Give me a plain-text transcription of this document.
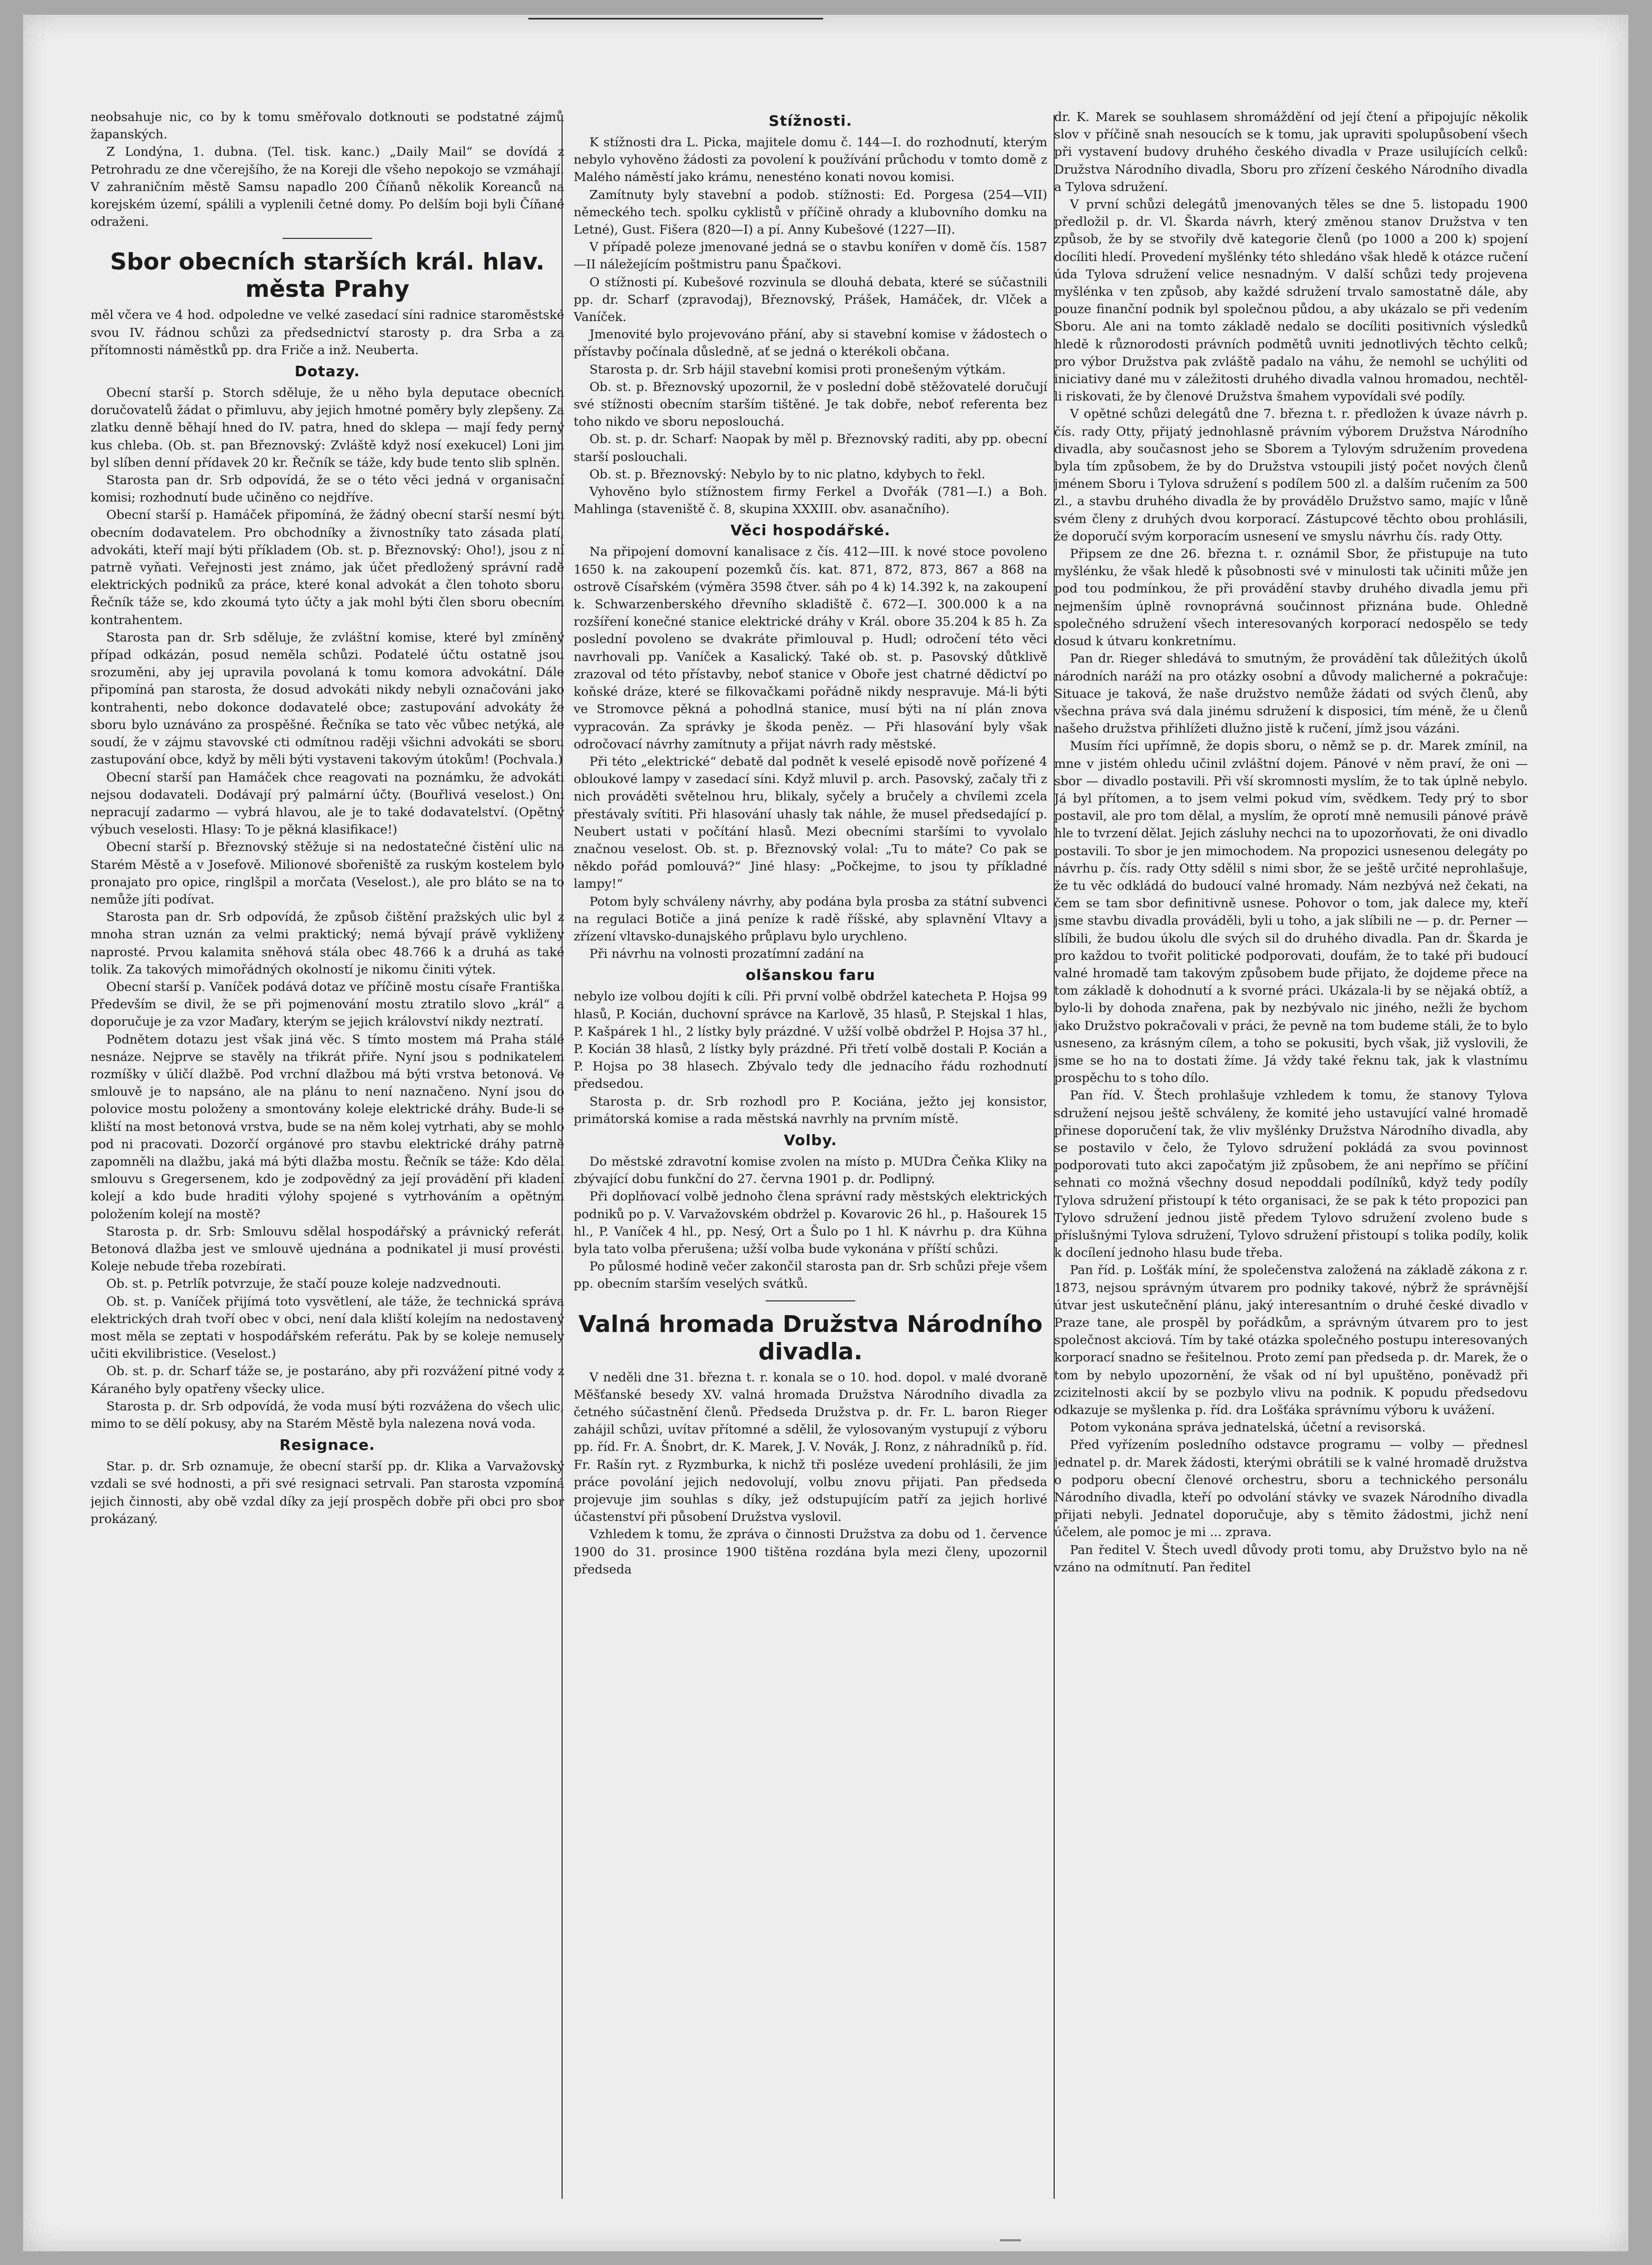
neobsahuje nic, co by k tomu směřovalo dotknouti se podstatné zájmů žapanských.

Z Londýna, 1. dubna. (Tel. tisk. kanc.) „Daily Mail“ se dovídá z Petrohradu ze dne včerejšího, že na Koreji dle všeho nepokojo se vzmáhají. V zahraničním městě Samsu napadlo 200 Číňanů několik Koreanců na korejském území, spálili a vyplenili četné domy. Po delším boji byli Číňané odraženi.

Sbor obecních starších král. hlav. města Prahy

měl včera ve 4 hod. odpoledne ve velké zasedací síni radnice staroměstské svou IV. řádnou schůzi za předsednictví starosty p. dra Srba a za přítomnosti náměstků pp. dra Friče a inž. Neuberta.

Dotazy.

Obecní starší p. Storch sděluje, že u něho byla deputace obecních doručovatelů žádat o přimluvu, aby jejich hmotné poměry byly zlepšeny. Za zlatku denně běhají hned do IV. patra, hned do sklepa — mají fedy perný kus chleba. (Ob. st. pan Březnovský: Zvláště když nosí exekucel) Loni jim byl slíben denní přídavek 20 kr. Řečník se táže, kdy bude tento slib splněn.

Starosta pan dr. Srb odpovídá, že se o této věci jedná v organisační komisi; rozhodnutí bude učiněno co nejdříve.

Obecní starší p. Hamáček připomíná, že žádný obecní starší nesmí býti obecním dodavatelem. Pro obchodníky a živnostníky tato zásada platí, advokáti, kteří mají býti příkladem (Ob. st. p. Březnovský: Oho!), jsou z ní patrně vyňati. Veřejnosti jest známo, jak účet předložený správní radě elektrických podniků za práce, které konal advokát a člen tohoto sboru. Řečník táže se, kdo zkoumá tyto účty a jak mohl býti člen sboru obecním kontrahentem.

Starosta pan dr. Srb sděluje, že zvláštní komise, které byl zmíněný případ odkázán, posud neměla schůzi. Podatelé účtu ostatně jsou srozuměni, aby jej upravila povolaná k tomu komora advokátní. Dále připomíná pan starosta, že dosud advokáti nikdy nebyli označováni jako kontrahenti, nebo dokonce dodavatelé obce; zastupování advokáty že sboru bylo uznáváno za prospěšné. Řečníka se tato věc vůbec netýká, ale soudí, že v zájmu stavovské cti odmítnou raději všichni advokáti se sboru zastupování obce, když by měli býti vystaveni takovým útokům! (Pochvala.)

Obecní starší pan Hamáček chce reagovati na poznámku, že advokáti nejsou dodavateli. Dodávají prý palmární účty. (Bouřlivá veselost.) Oni nepracují zadarmo — vybrá hlavou, ale je to také dodavatelství. (Opětný výbuch veselosti. Hlasy: To je pěkná klasifikace!)

Obecní starší p. Březnovský stěžuje si na nedostatečné čistění ulic na Starém Městě a v Josefově. Milionové sbořeniště za ruským kostelem bylo pronajato pro opice, ringlšpil a morčata (Veselost.), ale pro bláto se na to nemůže jíti podívat.

Starosta pan dr. Srb odpovídá, že způsob čištění pražských ulic byl z mnoha stran uznán za velmi praktický; nemá bývají právě vykliženy naprosté. Prvou kalamita sněhová stála obec 48.766 k a druhá as také tolik. Za takových mimořádných okolností je nikomu činiti výtek.

Obecní starší p. Vaníček podává dotaz ve příčině mostu císaře Františka. Především se divil, že se při pojmenování mostu ztratilo slovo „král“ a doporučuje je za vzor Maďary, kterým se jejich království nikdy neztratí.

Podnětem dotazu jest však jiná věc. S tímto mostem má Praha stálé nesnáze. Nejprve se stavěly na třikrát přiře. Nyní jsou s podnikatelem rozmíšky v úličí dlažbě. Pod vrchní dlažbou má býti vrstva betonová. Ve smlouvě je to napsáno, ale na plánu to není naznačeno. Nyní jsou do polovice mostu položeny a smontovány koleje elektrické dráhy. Bude-li se kliští na most betonová vrstva, bude se na něm kolej vytrhati, aby se mohlo pod ni pracovati. Dozorčí orgánové pro stavbu elektrické dráhy patrně zapomněli na dlažbu, jaká má býti dlažba mostu. Řečník se táže: Kdo dělal smlouvu s Gregersenem, kdo je zodpovědný za její provádění při kladení kolejí a kdo bude hraditi výlohy spojené s vytrhováním a opětným položením kolejí na mostě?

Starosta p. dr. Srb: Smlouvu sdělal hospodářský a právnický referát. Betonová dlažba jest ve smlouvě ujednána a podnikatel ji musí provésti. Koleje nebude třeba rozebírati.

Ob. st. p. Petrlík potvrzuje, že stačí pouze koleje nadzvednouti.

Ob. st. p. Vaníček přijímá toto vysvětlení, ale táže, že technická správa elektrických drah tvoří obec v obci, není dala kliští kolejím na nedostavený most měla se zeptati v hospodářském referátu. Pak by se koleje nemusely učiti ekvilibristice. (Veselost.)

Ob. st. p. dr. Scharf táže se, je postaráno, aby při rozvážení pitné vody z Káraného byly opatřeny všecky ulice.

Starosta p. dr. Srb odpovídá, že voda musí býti rozvážena do všech ulic, mimo to se dělí pokusy, aby na Starém Městě byla nalezena nová voda.

Resignace.

Star. p. dr. Srb oznamuje, že obecní starší pp. dr. Klika a Varvažovský vzdali se své hodnosti, a při své resignaci setrvali. Pan starosta vzpomíná jejich činnosti, aby obě vzdal díky za její prospěch dobře při obci pro sbor prokázaný.

Stížnosti.

K stížnosti dra L. Picka, majitele domu č. 144—I. do rozhodnutí, kterým nebylo vyhověno žádosti za povolení k používání průchodu v tomto domě z Malého náměstí jako krámu, nenesténo konati novou komisi.

Zamítnuty byly stavební a podob. stížnosti: Ed. Porgesa (254—VII) německého tech. spolku cyklistů v příčině ohrady a klubovního domku na Letné), Gust. Fišera (820—I) a pí. Anny Kubešové (1227—II).

V případě poleze jmenované jedná se o stavbu konířen v domě čís. 1587—II náležejícím poštmistru panu Špačkovi.

O stížnosti pí. Kubešové rozvinula se dlouhá debata, které se súčastnili pp. dr. Scharf (zpravodaj), Březnovský, Prášek, Hamáček, dr. Vlček a Vaníček.

Jmenovité bylo projevováno přání, aby si stavební komise v žádostech o přístavby počínala důsledně, ať se jedná o kterékoli občana.

Starosta p. dr. Srb hájil stavební komisi proti pronešeným výtkám.

Ob. st. p. Březnovský upozornil, že v poslední době stěžovatelé doručují své stížnosti obecním starším tištěné. Je tak dobře, neboť referenta bez toho nikdo ve sboru neposlouchá.

Ob. st. p. dr. Scharf: Naopak by měl p. Březnovský raditi, aby pp. obecní starší poslouchali.

Ob. st. p. Březnovský: Nebylo by to nic platno, kdybych to řekl.

Vyhověno bylo stížnostem firmy Ferkel a Dvořák (781—I.) a Boh. Mahlinga (staveniště č. 8, skupina XXXIII. obv. asanačního).

Věci hospodářské.

Na připojení domovní kanalisace z čís. 412—III. k nové stoce povoleno 1650 k. na zakoupení pozemků čís. kat. 871, 872, 873, 867 a 868 na ostrově Císařském (výměra 3598 čtver. sáh po 4 k) 14.392 k, na zakoupení k. Schwarzenberského dřevního skladiště č. 672—I. 300.000 k a na rozšíření konečné stanice elektrické dráhy v Král. obore 35.204 k 85 h. Za poslední povoleno se dvakráte přimlouval p. Hudl; odročení této věci navrhovali pp. Vaníček a Kasalický. Také ob. st. p. Pasovský důtklivě zrazoval od této přístavby, neboť stanice v Oboře jest chatrné dědictví po koňské dráze, které se filkovačkami pořádně nikdy nespravuje. Má-li býti ve Stromovce pěkná a pohodlná stanice, musí býti na ní plán znova vypracován. Za správky je škoda peněz. — Při hlasování byly však odročovací návrhy zamítnuty a přijat návrh rady městské.

Při této „elektrické“ debatě dal podnět k veselé episodě nově pořízené 4 obloukové lampy v zasedací síni. Když mluvil p. arch. Pasovský, začaly tři z nich prováděti světelnou hru, blikaly, syčely a bručely a chvílemi zcela přestávaly svítiti. Při hlasování uhasly tak náhle, že musel předsedající p. Neubert ustati v počítání hlasů. Mezi obecními staršími to vyvolalo značnou veselost. Ob. st. p. Březnovský volal: „Tu to máte? Co pak se někdo pořád pomlouvá?“ Jiné hlasy: „Počkejme, to jsou ty příkladné lampy!“

Potom byly schváleny návrhy, aby podána byla prosba za státní subvenci na regulaci Botiče a jiná peníze k radě říšské, aby splavnění Vltavy a zřízení vltavsko-dunajského průplavu bylo urychleno.

Při návrhu na volnosti prozatímní zadání na

olšanskou faru

nebylo ize volbou dojíti k cíli. Při první volbě obdržel katecheta P. Hojsa 99 hlasů, P. Kocián, duchovní správce na Karlově, 35 hlasů, P. Stejskal 1 hlas, P. Kašpárek 1 hl., 2 lístky byly prázdné. V užší volbě obdržel P. Hojsa 37 hl., P. Kocián 38 hlasů, 2 lístky byly prázdné. Při třetí volbě dostali P. Kocián a P. Hojsa po 38 hlasech. Zbývalo tedy dle jednacího řádu rozhodnutí předsedou.

Starosta p. dr. Srb rozhodl pro P. Kociána, ježto jej konsistor, primátorská komise a rada městská navrhly na prvním místě.

Volby.

Do městské zdravotní komise zvolen na místo p. MUDra Čeňka Kliky na zbývající dobu funkční do 27. června 1901 p. dr. Podlipný.

Při doplňovací volbě jednoho člena správní rady městských elektrických podniků po p. V. Varvažovském obdržel p. Kovarovic 26 hl., p. Hašourek 15 hl., P. Vaníček 4 hl., pp. Nesý, Ort a Šulo po 1 hl. K návrhu p. dra Kühna byla tato volba přerušena; užší volba bude vykonána v příští schůzi.

Po půlosmé hodině večer zakončil starosta pan dr. Srb schůzi přeje všem pp. obecním starším veselých svátků.

Valná hromada Družstva Národního divadla.

V neděli dne 31. března t. r. konala se o 10. hod. dopol. v malé dvoraně Měšťanské besedy XV. valná hromada Družstva Národního divadla za četného súčastnění členů. Předseda Družstva p. dr. Fr. L. baron Rieger zahájil schůzi, uvítav přítomné a sdělil, že vylosovaným vystupují z výboru pp. říd. Fr. A. Šnobrt, dr. K. Marek, J. V. Novák, J. Ronz, z náhradníků p. říd. Fr. Rašín ryt. z Ryzmburka, k nichž tři posléze uvedení prohlásili, že jim práce povolání jejich nedovolují, volbu znovu přijati. Pan předseda projevuje jim souhlas s díky, jež odstupujícím patří za jejich horlivé účastenství při působení Družstva vyslovil.

Vzhledem k tomu, že zpráva o činnosti Družstva za dobu od 1. července 1900 do 31. prosince 1900 tištěna rozdána byla mezi členy, upozornil předseda

dr. K. Marek se souhlasem shromáždění od její čtení a připojujíc několik slov v příčině snah nesoucích se k tomu, jak upraviti spolupůsobení všech při vystavení budovy druhého českého divadla v Praze usilujících celků: Družstva Národního divadla, Sboru pro zřízení českého Národního divadla a Tylova sdružení.

V první schůzi delegátů jmenovaných těles se dne 5. listopadu 1900 předložil p. dr. Vl. Škarda návrh, který změnou stanov Družstva v ten způsob, že by se stvořily dvě kategorie členů (po 1000 a 200 k) spojení docíliti hledí. Provedení myšlénky této shledáno však hledě k otázce ručení úda Tylova sdružení velice nesnadným. V další schůzi tedy projevena myšlénka v ten způsob, aby každé sdružení trvalo samostatně dále, aby pouze finanční podnik byl společnou půdou, a aby ukázalo se při vedením Sboru. Ale ani na tomto základě nedalo se docíliti positivních výsledků hledě k různorodosti právních podmětů uvniti jednotlivých těchto celků; pro výbor Družstva pak zvláště padalo na váhu, že nemohl se uchýliti od iniciativy dané mu v záležitosti druhého divadla valnou hromadou, nechtěl-li riskovati, že by členové Družstva šmahem vypovídali své podíly.

V opětné schůzi delegátů dne 7. března t. r. předložen k úvaze návrh p. čís. rady Otty, přijatý jednohlasně právním výborem Družstva Národního divadla, aby současnost jeho se Sborem a Tylovým sdružením provedena byla tím způsobem, že by do Družstva vstoupili jistý počet nových členů jménem Sboru i Tylova sdružení s podílem 500 zl. a dalším ručením za 500 zl., a stavbu druhého divadla že by provádělo Družstvo samo, majíc v lůně svém členy z druhých dvou korporací. Zástupcové těchto obou prohlásili, že doporučí svým korporacím usnesení ve smyslu návrhu čís. rady Otty.

Připsem ze dne 26. března t. r. oznámil Sbor, že přistupuje na tuto myšlénku, že však hledě k působnosti své v minulosti tak učiniti může jen pod tou podmínkou, že při provádění stavby druhého divadla jemu při nejmenším úplně rovnoprávná součinnost přiznána bude. Ohledně společného sdružení všech interesovaných korporací nedospělo se tedy dosud k útvaru konkretnímu.

Pan dr. Rieger shledává to smutným, že provádění tak důležitých úkolů národních naráží na pro otázky osobní a důvody malicherné a pokračuje: Situace je taková, že naše družstvo nemůže žádati od svých členů, aby všechna práva svá dala jinému sdružení k disposici, tím méně, že u členů našeho družstva přihlížeti dlužno jistě k ručení, jímž jsou vázáni.

Musím říci upřímně, že dopis sboru, o němž se p. dr. Marek zmínil, na mne v jistém ohledu učinil zvláštní dojem. Pánové v něm praví, že oni — sbor — divadlo postavili. Při vší skromnosti myslím, že to tak úplně nebylo. Já byl přítomen, a to jsem velmi pokud vím, svědkem. Tedy prý to sbor postavil, ale pro tom dělal, a myslím, že oprotí mně nemusili pánové právě hle to tvrzení dělat. Jejich zásluhy nechci na to upozorňovati, že oni divadlo postavili. To sbor je jen mimochodem. Na propozici usnesenou delegáty po návrhu p. čís. rady Otty sdělil s nimi sbor, že se ještě určité neprohlašuje, že tu věc odkládá do budoucí valné hromady. Nám nezbývá než čekati, na čem se tam sbor definitivně usnese. Pohovor o tom, jak dalece my, kteří jsme stavbu divadla prováděli, byli u toho, a jak slíbili ne — p. dr. Perner — slíbili, že budou úkolu dle svých sil do druhého divadla. Pan dr. Škarda je pro každou to tvořit politické podporovati, doufám, že to také při budoucí valné hromadě tam takovým způsobem bude přijato, že dojdeme přece na tom základě k dohodnutí a k svorné práci. Ukázala-li by se nějaká obtíž, a bylo-li by dohoda znařena, pak by nezbývalo nic jiného, nežli že bychom jako Družstvo pokračovali v práci, že pevně na tom budeme stáli, že to bylo usneseno, za krásným cílem, a toho se pokusiti, bych však, již vyslovili, že jsme se ho na to dostati žíme. Já vždy také řeknu tak, jak k vlastnímu prospěchu to s toho dílo.

Pan říd. V. Štech prohlašuje vzhledem k tomu, že stanovy Tylova sdružení nejsou ještě schváleny, že komité jeho ustavující valné hromadě přinese doporučení tak, že vliv myšlénky Družstva Národního divadla, aby se postavilo v čelo, že Tylovo sdružení pokládá za svou povinnost podporovati tuto akci započatým již způsobem, že ani nepřímo se příčiní sehnati co možná všechny dosud nepoddali podílníků, když tedy podíly Tylova sdružení přistoupí k této organisaci, že se pak k této propozici pan Tylovo sdružení jednou jistě předem Tylovo sdružení zvoleno bude s příslušnými Tylova sdružení, Tylovo sdružení přistoupí s tolika podíly, kolik k docílení jednoho hlasu bude třeba.

Pan říd. p. Lošťák míní, že společenstva založená na základě zákona z r. 1873, nejsou správným útvarem pro podniky takové, nýbrž že správnější útvar jest uskutečnění plánu, jaký interesantním o druhé české divadlo v Praze tane, ale prospěl by pořádkům, a správným útvarem pro to jest společnost akciová. Tím by také otázka společného postupu interesovaných korporací snadno se řešitelnou. Proto zemí pan předseda p. dr. Marek, že o tom by nebylo upozornění, že však od ní byl upuštěno, poněvadž při zcizitelnosti akcií by se pozbylo vlivu na podnik. K popudu předsedovu odkazuje se myšlenka p. říd. dra Lošťáka správnímu výboru k uvážení.

Potom vykonána správa jednatelská, účetní a revisorská.

Před vyřízením posledního odstavce programu — volby — přednesl jednatel p. dr. Marek žádosti, kterými obrátili se k valné hromadě družstva o podporu obecní členové orchestru, sboru a technického personálu Národního divadla, kteří po odvolání stávky ve svazek Národního divadla přijati nebyli. Jednatel doporučuje, aby s těmito žádostmi, jichž není účelem, ale pomoc je mi ... zprava.

Pan ředitel V. Štech uvedl důvody proti tomu, aby Družstvo bylo na ně vzáno na odmítnutí. Pan ředitel
